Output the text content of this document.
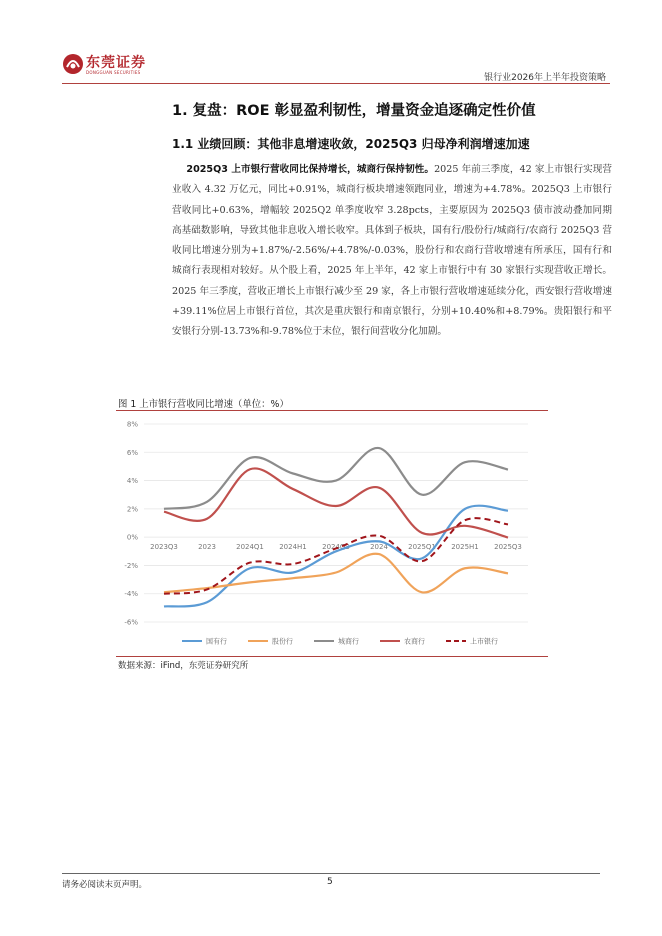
东莞证券
DONGGUAN SECURITIES
银行业2026年上半年投资策略
1. 复盘：ROE 彰显盈利韧性，增量资金追逐确定性价值
1.1 业绩回顾：其他非息增速收敛，2025Q3 归母净利润增速加速

2025Q3 上市银行营收同比保持增长，城商行保持韧性。2025 年前三季度，42 家上市银行实现营业收入 4.32 万亿元，同比+0.91%，城商行板块增速领跑同业，增速为+4.78%。2025Q3 上市银行营收同比+0.63%，增幅较 2025Q2 单季度收窄 3.28pcts，主要原因为 2025Q3 债市波动叠加同期高基础数影响，导致其他非息收入增长收窄。具体到子板块，国有行/股份行/城商行/农商行 2025Q3 营收同比增速分别为+1.87%/-2.56%/+4.78%/-0.03%，股份行和农商行营收增速有所承压，国有行和城商行表现相对较好。从个股上看，2025 年上半年，42 家上市银行中有 30 家银行实现营收正增长。2025 年三季度，营收正增长上市银行减少至 29 家，各上市银行营收增速延续分化，西安银行营收增速+39.11%位居上市银行首位，其次是重庆银行和南京银行，分别+10.40%和+8.79%。贵阳银行和平安银行分别-13.73%和-9.78%位于末位，银行间营收分化加剧。

图 1 上市银行营收同比增速（单位：%）
-6%
-4%
-2%
0%
2%
4%
6%
8%
2023Q3	2023	2024Q1 2024H1 2024Q3	2024	2025Q1 2025H1 2025Q3
国有行	股份行	城商行	农商行	上市银行
数据来源：iFind，东莞证券研究所
请务必阅读末页声明。	5
